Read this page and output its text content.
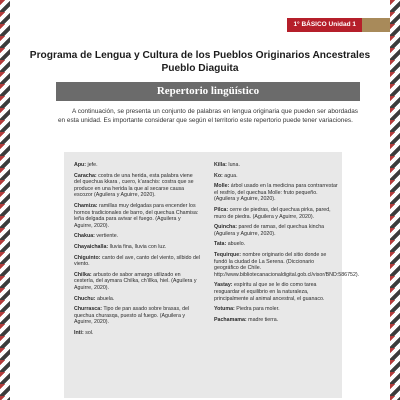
1° BÁSICO Unidad 1
Programa de Lengua y Cultura de los Pueblos Originarios Ancestrales
Pueblo Diaguita
Repertorio lingüístico

A continuación, se presenta un conjunto de palabras en lengua originaria que pueden ser abordadas en esta unidad. Es importante considerar que según el territorio este repertorio puede tener variaciones.

Apu: jefe.
Caracha: costra de una herida, esta palabra viene del quechua kkara , cuero, k’arachis: costra que se produce en una herida la que al secarse causa escozor (Aguilera y Aguirre, 2020).
Chamiza: ramillas muy delgadas para encender los hornos tradicionales de barro, del quechua Chamisa: leña delgada para avivar el fuego. (Aguilera y Aguirre, 2020).
Chakua: vertiente.
Chayaichalla: lluvia fina, lluvia con luz.
Chiguinto: canto del ave, canto del viento, silbido del viento.
Chilka: arbusto de sabor amargo utilizado en cestería, del aymara Chilka, ch’illka, hiel. (Aguilera y Aguirre, 2020).
Chuchu: abuela.
Churrasca: Tipo de pan asado sobre brasas, del quechua churasqa, puesto al fuego. (Aguilera y Aguirre, 2020).
Inti: sol.
Killa: luna.
Ko: agua.
Molle: árbol usado en la medicina para contrarrestar el resfrío, del quechua Molle: fruto pequeño. (Aguilera y Aguirre, 2020).
Pilca: cerre de piedras, del quechua pirka, pared, muro de piedra. (Aguilera y Aguirre, 2020).
Quincha: pared de ramas, del quechua kincha (Aguilera y Aguirre, 2020).
Tata: abuelo.
Tequirque: nombre originario del sitio donde se fundó la ciudad de La Serena. (Diccionario geográfico de Chile. http://www.bibliotecanacionaldigital.gob.cl/visor/BND:586752).
Yastay: espíritu al que se le dio como tarea resguardar el equilibrio en la naturaleza, principalmente al animal ancestral, el guanaco.
Yotuma: Piedra para moler.
Pachamama: madre tierra.
